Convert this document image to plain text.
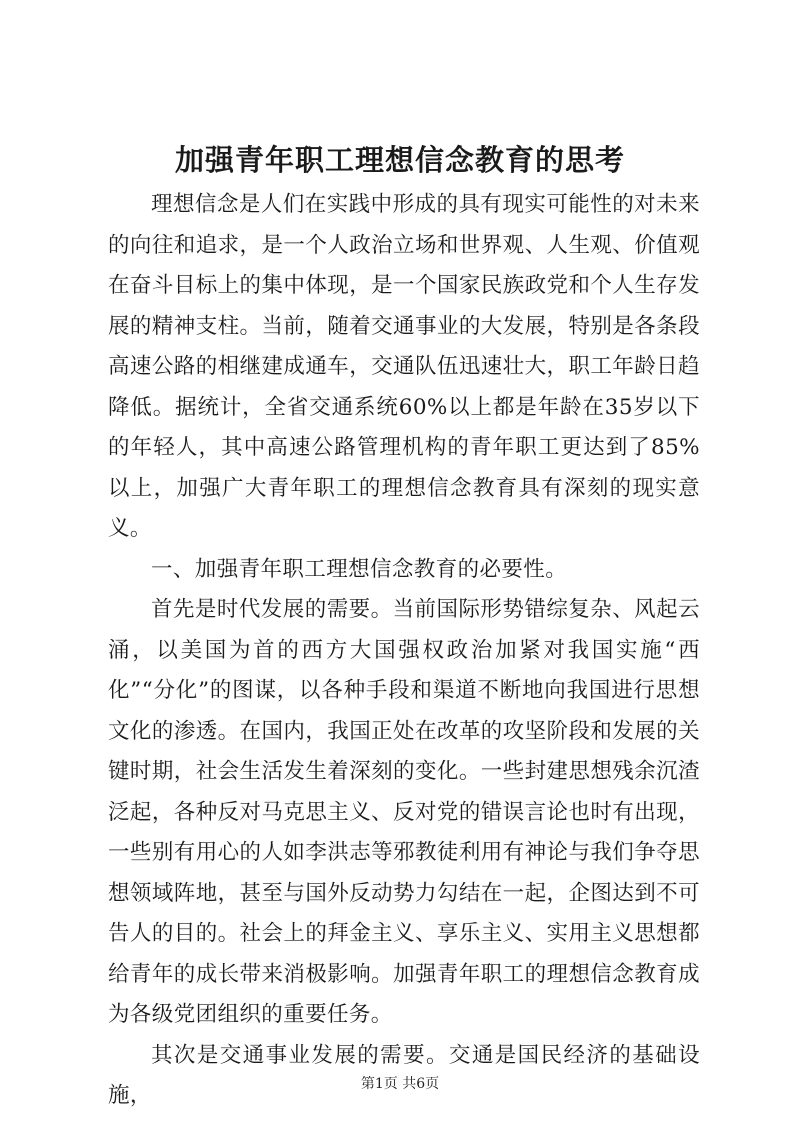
加强青年职工理想信念教育的思考

理想信念是人们在实践中形成的具有现实可能性的对未来的向往和追求，是一个人政治立场和世界观、人生观、价值观在奋斗目标上的集中体现，是一个国家民族政党和个人生存发展的精神支柱。当前，随着交通事业的大发展，特别是各条段高速公路的相继建成通车，交通队伍迅速壮大，职工年龄日趋降低。据统计，全省交通系统60%以上都是年龄在35岁以下的年轻人，其中高速公路管理机构的青年职工更达到了85%以上，加强广大青年职工的理想信念教育具有深刻的现实意义。

一、加强青年职工理想信念教育的必要性。

首先是时代发展的需要。当前国际形势错综复杂、风起云涌，以美国为首的西方大国强权政治加紧对我国实施“西化”“分化”的图谋，以各种手段和渠道不断地向我国进行思想文化的渗透。在国内，我国正处在改革的攻坚阶段和发展的关键时期，社会生活发生着深刻的变化。一些封建思想残余沉渣泛起，各种反对马克思主义、反对党的错误言论也时有出现，一些别有用心的人如李洪志等邪教徒利用有神论与我们争夺思想领域阵地，甚至与国外反动势力勾结在一起，企图达到不可告人的目的。社会上的拜金主义、享乐主义、实用主义思想都给青年的成长带来消极影响。加强青年职工的理想信念教育成为各级党团组织的重要任务。

其次是交通事业发展的需要。交通是国民经济的基础设施，	第1页 共6页
